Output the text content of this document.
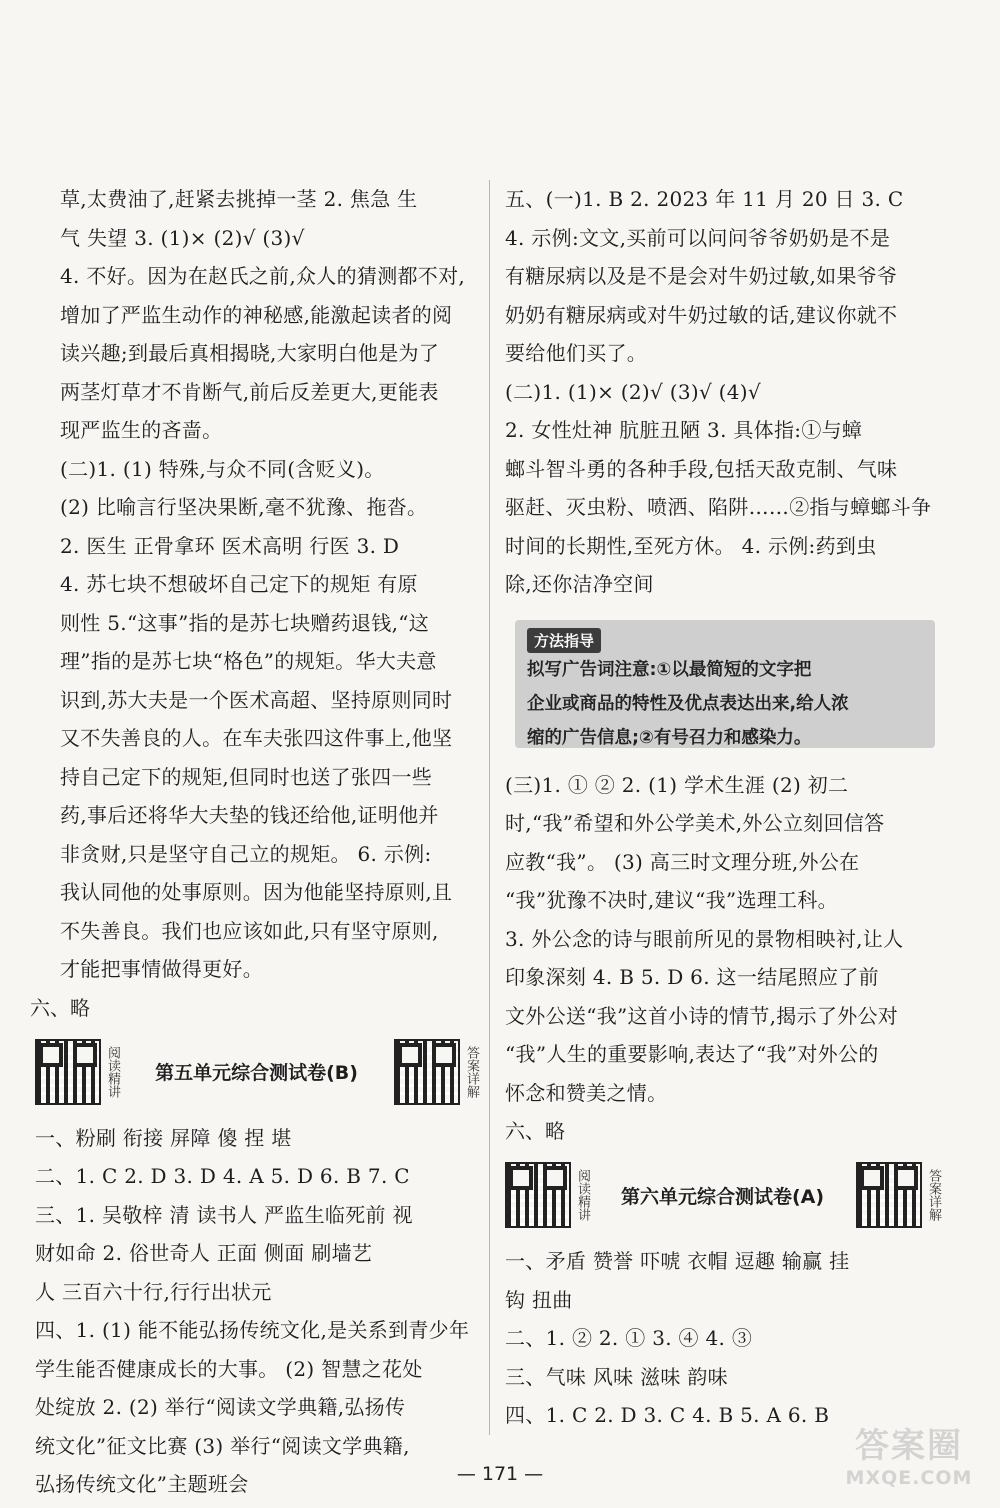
草,太费油了,赶紧去挑掉一茎 2. 焦急 生
气 失望 3. (1)× (2)√ (3)√
4. 不好。因为在赵氏之前,众人的猜测都不对,
增加了严监生动作的神秘感,能激起读者的阅
读兴趣;到最后真相揭晓,大家明白他是为了
两茎灯草才不肯断气,前后反差更大,更能表
现严监生的吝啬。
(二)1. (1) 特殊,与众不同(含贬义)。
(2) 比喻言行坚决果断,毫不犹豫、拖沓。
2. 医生 正骨拿环 医术高明 行医 3. D
4. 苏七块不想破坏自己定下的规矩 有原
则性 5.“这事”指的是苏七块赠药退钱,“这
理”指的是苏七块“格色”的规矩。华大夫意
识到,苏大夫是一个医术高超、坚持原则同时
又不失善良的人。在车夫张四这件事上,他坚
持自己定下的规矩,但同时也送了张四一些
药,事后还将华大夫垫的钱还给他,证明他并
非贪财,只是坚守自己立的规矩。 6. 示例:
我认同他的处事原则。因为他能坚持原则,且
不失善良。我们也应该如此,只有坚守原则,
才能把事情做得更好。
六、略
阅读精讲	第五单元综合测试卷(B)	答案详解
一、粉刷 衔接 屏障 傻 捏 堪
二、1. C 2. D 3. D 4. A 5. D 6. B 7. C
三、1. 吴敬梓 清 读书人 严监生临死前 视
财如命 2. 俗世奇人 正面 侧面 刷墙艺
人 三百六十行,行行出状元
四、1. (1) 能不能弘扬传统文化,是关系到青少年
学生能否健康成长的大事。 (2) 智慧之花处
处绽放 2. (2) 举行“阅读文学典籍,弘扬传
统文化”征文比赛 (3) 举行“阅读文学典籍,
弘扬传统文化”主题班会
五、(一)1. B 2. 2023 年 11 月 20 日 3. C
4. 示例:文文,买前可以问问爷爷奶奶是不是
有糖尿病以及是不是会对牛奶过敏,如果爷爷
奶奶有糖尿病或对牛奶过敏的话,建议你就不
要给他们买了。
(二)1. (1)× (2)√ (3)√ (4)√
2. 女性灶神 肮脏丑陋 3. 具体指:①与蟑
螂斗智斗勇的各种手段,包括天敌克制、气味
驱赶、灭虫粉、喷洒、陷阱……②指与蟑螂斗争
时间的长期性,至死方休。 4. 示例:药到虫
除,还你洁净空间
方法指导
拟写广告词注意:①以最简短的文字把
企业或商品的特性及优点表达出来,给人浓
缩的广告信息;②有号召力和感染力。
(三)1. ① ② 2. (1) 学术生涯 (2) 初二
时,“我”希望和外公学美术,外公立刻回信答
应教“我”。 (3) 高三时文理分班,外公在
“我”犹豫不决时,建议“我”选理工科。
3. 外公念的诗与眼前所见的景物相映衬,让人
印象深刻 4. B 5. D 6. 这一结尾照应了前
文外公送“我”这首小诗的情节,揭示了外公对
“我”人生的重要影响,表达了“我”对外公的
怀念和赞美之情。
六、略
阅读精讲	第六单元综合测试卷(A)	答案详解
一、矛盾 赞誉 吓唬 衣帽 逗趣 输赢 挂
钩 扭曲
二、1. ② 2. ① 3. ④ 4. ③
三、气味 风味 滋味 韵味
四、1. C 2. D 3. C 4. B 5. A 6. B
— 171 —
答案圈
MXQE.COM
